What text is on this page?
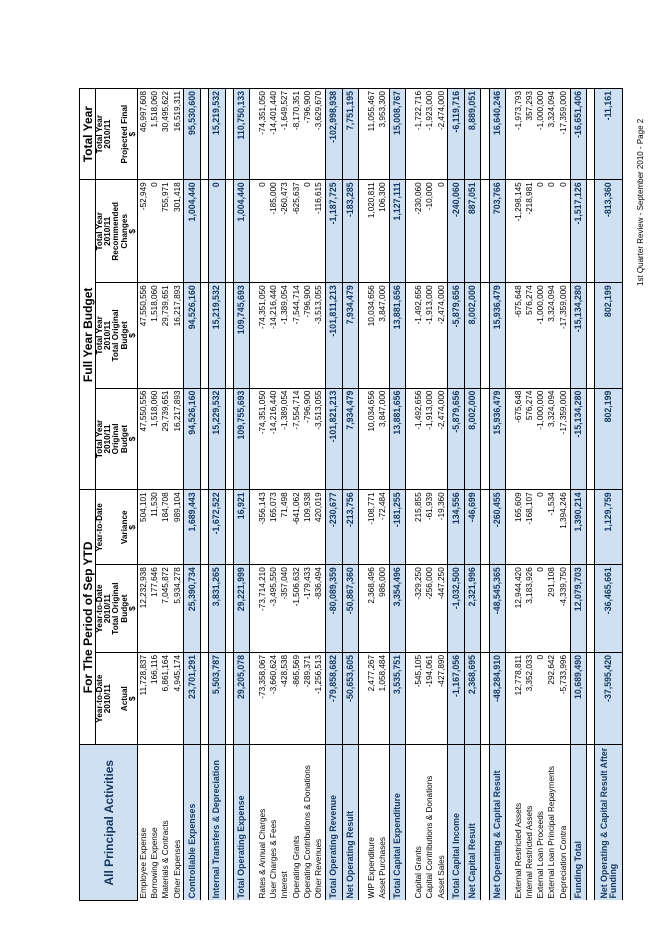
All Principal Activities	For The Period of Sep YTD			Full Year Budget			Total Year
	Year-to-Date	Year-to-Date	Year-to-Date	Total Year	Total Year	Total Year	Total Year
	2010/11	2010/11		2010/11	2010/11	2010/11	2010/11
		Total Original		Original	Total Original	Recommended	
	Actual	Budget	Variance	Budget	Budget	Changes	Projected Final
	$	$	$	$	$	$	$
Employee Expense	11,728,837	12,232,938	504,101	47,550,556	47,550,556	-52,949	46,997,608
Borrowing Expense	166,116	177,646	11,530	1,518,060	1,518,060	0	1,518,060
Materials & Contracts	6,861,164	7,045,872	184,708	29,739,651	29,739,651	755,971	30,495,622
Other Expenses	4,945,174	5,934,278	989,104	16,217,893	16,217,893	301,418	16,519,311
Controllable Expenses	23,701,291	25,390,734	1,689,443	94,526,160	94,526,160	1,004,440	95,530,600

Internal Transfers & Depreciation	5,503,787	3,831,265	-1,672,522	15,229,532	15,219,532	0	15,219,532

Total Operating Expense	29,205,078	29,221,999	16,921	109,755,693	109,745,693	1,004,440	110,750,133

Rates & Annual Charges	-73,358,067	-73,714,210	-356,143	-74,351,050	-74,351,050	0	-74,351,050
User Charges & Fees	-3,660,624	-3,495,550	165,073	-14,216,440	-14,216,440	-185,000	-14,401,440
Interest	-428,538	-357,040	71,498	-1,389,054	-1,389,054	-260,473	-1,649,527
Operating Grants	-865,569	-1,506,632	-641,062	-7,554,714	-7,544,714	-625,637	-8,170,351
Operating Contributions & Donations	-289,371	-179,433	109,938	-796,900	-796,900	0	-796,900
Other Revenues	-1,256,513	-836,494	420,019	-3,513,055	-3,513,055	-116,615	-3,629,670
Total Operating Revenue	-79,858,682	-80,089,359	-230,677	-101,821,213	-101,811,213	-1,187,725	-102,998,938
Net Operating Result	-50,653,605	-50,867,360	-213,756	7,934,479	7,934,479	-183,285	7,751,195

WIP Expenditure	2,477,267	2,368,496	-108,771	10,034,656	10,034,656	1,020,811	11,055,467
Asset Purchases	1,058,484	986,000	-72,484	3,847,000	3,847,000	106,300	3,953,300
Total Capital Expenditure	3,535,751	3,354,496	-181,255	13,881,656	13,881,656	1,127,111	15,008,767

Capital Grants	-545,105	-329,250	215,855	-1,492,656	-1,492,656	-230,060	-1,722,716
Capital Contributions & Donations	-194,061	-256,000	-61,939	-1,913,000	-1,913,000	-10,000	-1,923,000
Asset Sales	-427,890	-447,250	-19,360	-2,474,000	-2,474,000	0	-2,474,000
Total Capital Income	-1,167,056	-1,032,500	134,556	-5,879,656	-5,879,656	-240,060	-6,119,716
Net Capital Result	2,368,695	2,321,996	-46,699	8,002,000	8,002,000	887,051	8,889,051

Net Operating & Capital Result	-48,284,910	-48,545,365	-260,455	15,936,479	15,936,479	703,766	16,640,246

External Restricted Assets	12,778,811	12,944,420	165,609	-675,648	-675,648	-1,298,145	-1,973,793
Internal Restricted Assets	3,352,033	3,183,926	-168,107	576,274	576,274	-218,981	357,293
External Loan Proceeds	0	0	0	-1,000,000	-1,000,000	0	-1,000,000
External Loan Principal Repayments	292,642	291,108	-1,534	3,324,094	3,324,094	0	3,324,094
Depreciation Contra	-5,733,996	-4,339,750	1,394,246	-17,359,000	-17,359,000	0	-17,359,000
Funding Total	10,689,490	12,079,703	1,390,214	-15,134,280	-15,134,280	-1,517,126	-16,651,406

Net Operating & Capital Result After Funding	-37,595,420	-36,465,661	1,129,759	802,199	802,199	-813,360	-11,161
1st Quarter Review - September 2010 - Page 2
